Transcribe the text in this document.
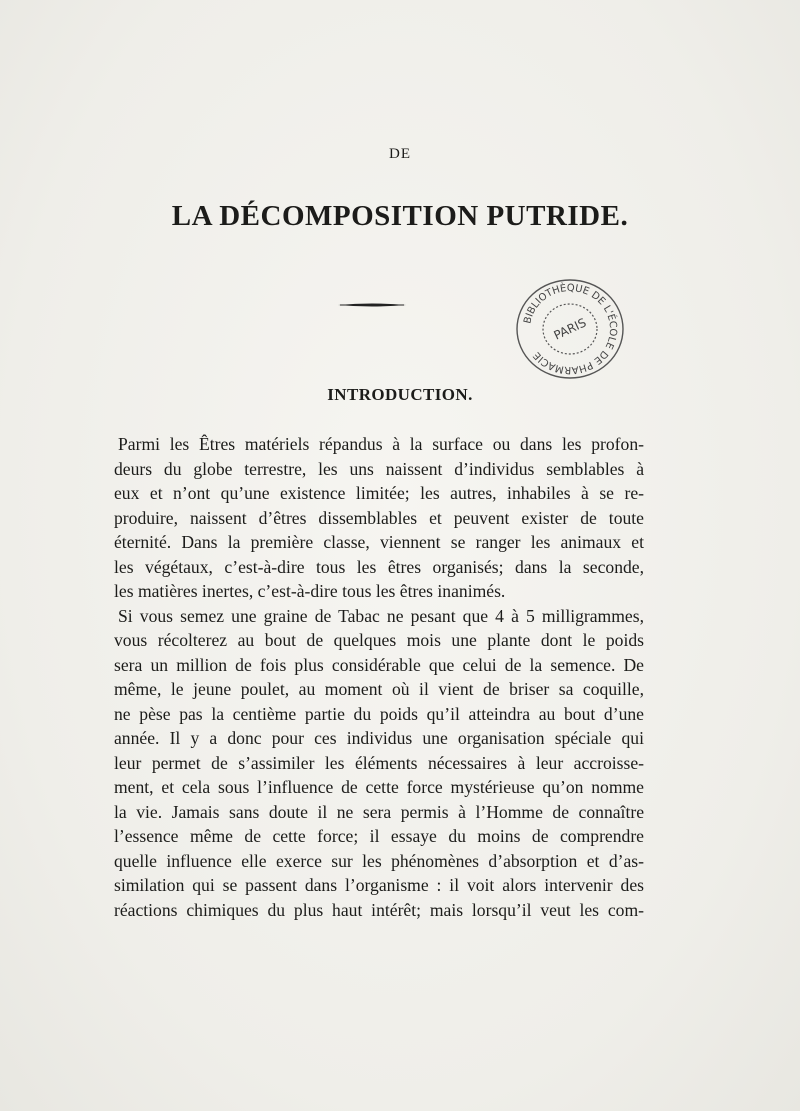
DE
LA DÉCOMPOSITION PUTRIDE.
BIBLIOTHÈQUE DE L'ÉCOLE DE PHARMACIE
PARIS
INTRODUCTION.
Parmi les Êtres matériels répandus à la surface ou dans les profon-
deurs du globe terrestre, les uns naissent d’individus semblables à
eux et n’ont qu’une existence limitée; les autres, inhabiles à se re-
produire, naissent d’êtres dissemblables et peuvent exister de toute
éternité. Dans la première classe, viennent se ranger les animaux et
les végétaux, c’est-à-dire tous les êtres organisés; dans la seconde,
les matières inertes, c’est-à-dire tous les êtres inanimés.
Si vous semez une graine de Tabac ne pesant que 4 à 5 milligrammes,
vous récolterez au bout de quelques mois une plante dont le poids
sera un million de fois plus considérable que celui de la semence. De
même, le jeune poulet, au moment où il vient de briser sa coquille,
ne pèse pas la centième partie du poids qu’il atteindra au bout d’une
année. Il y a donc pour ces individus une organisation spéciale qui
leur permet de s’assimiler les éléments nécessaires à leur accroisse-
ment, et cela sous l’influence de cette force mystérieuse qu’on nomme
la vie. Jamais sans doute il ne sera permis à l’Homme de connaître
l’essence même de cette force; il essaye du moins de comprendre
quelle influence elle exerce sur les phénomènes d’absorption et d’as-
similation qui se passent dans l’organisme : il voit alors intervenir des
réactions chimiques du plus haut intérêt; mais lorsqu’il veut les com-
